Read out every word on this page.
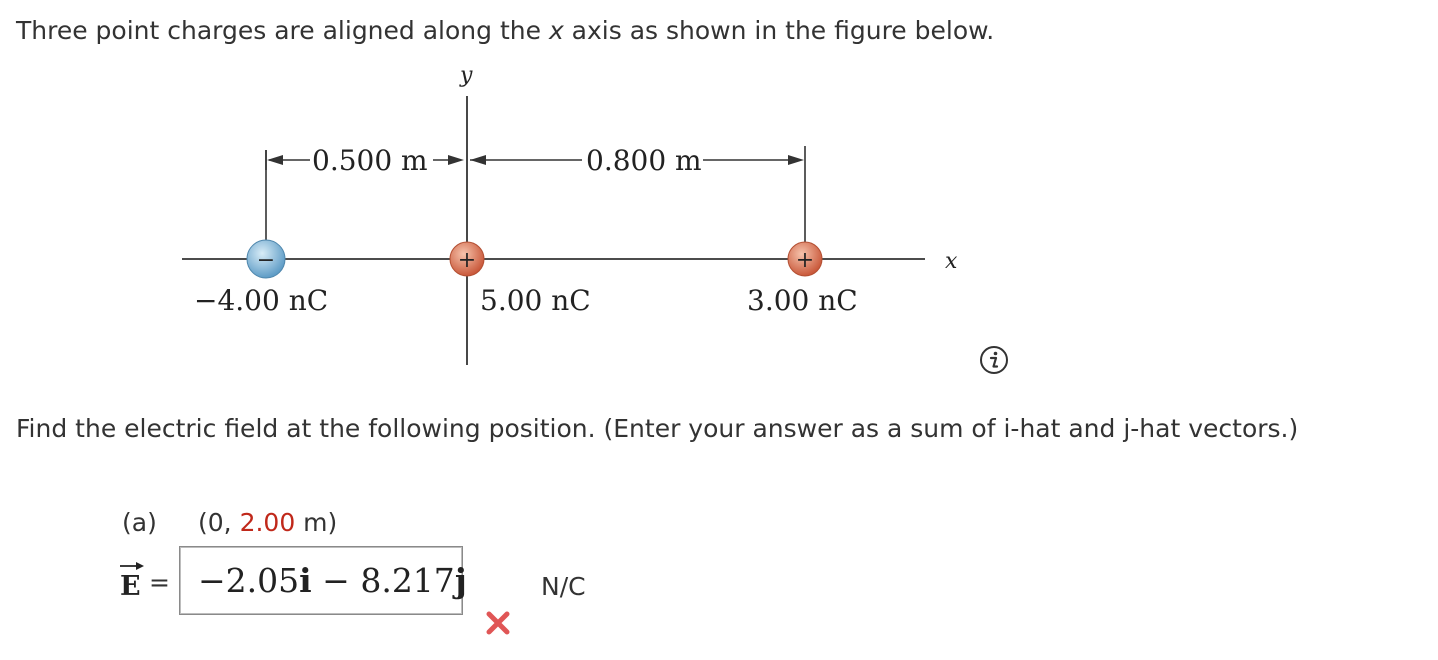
Three point charges are aligned along the x axis as shown in the figure below.
x
y
0.500 m	0.800 m
−	+	+
−4.00 nC	5.00 nC	3.00 nC
Find the electric field at the following position. (Enter your answer as a sum of i-hat and j-hat vectors.)
(a) (0, 2.00 m)
E = −2.05 i − 8.217 j	N/C
